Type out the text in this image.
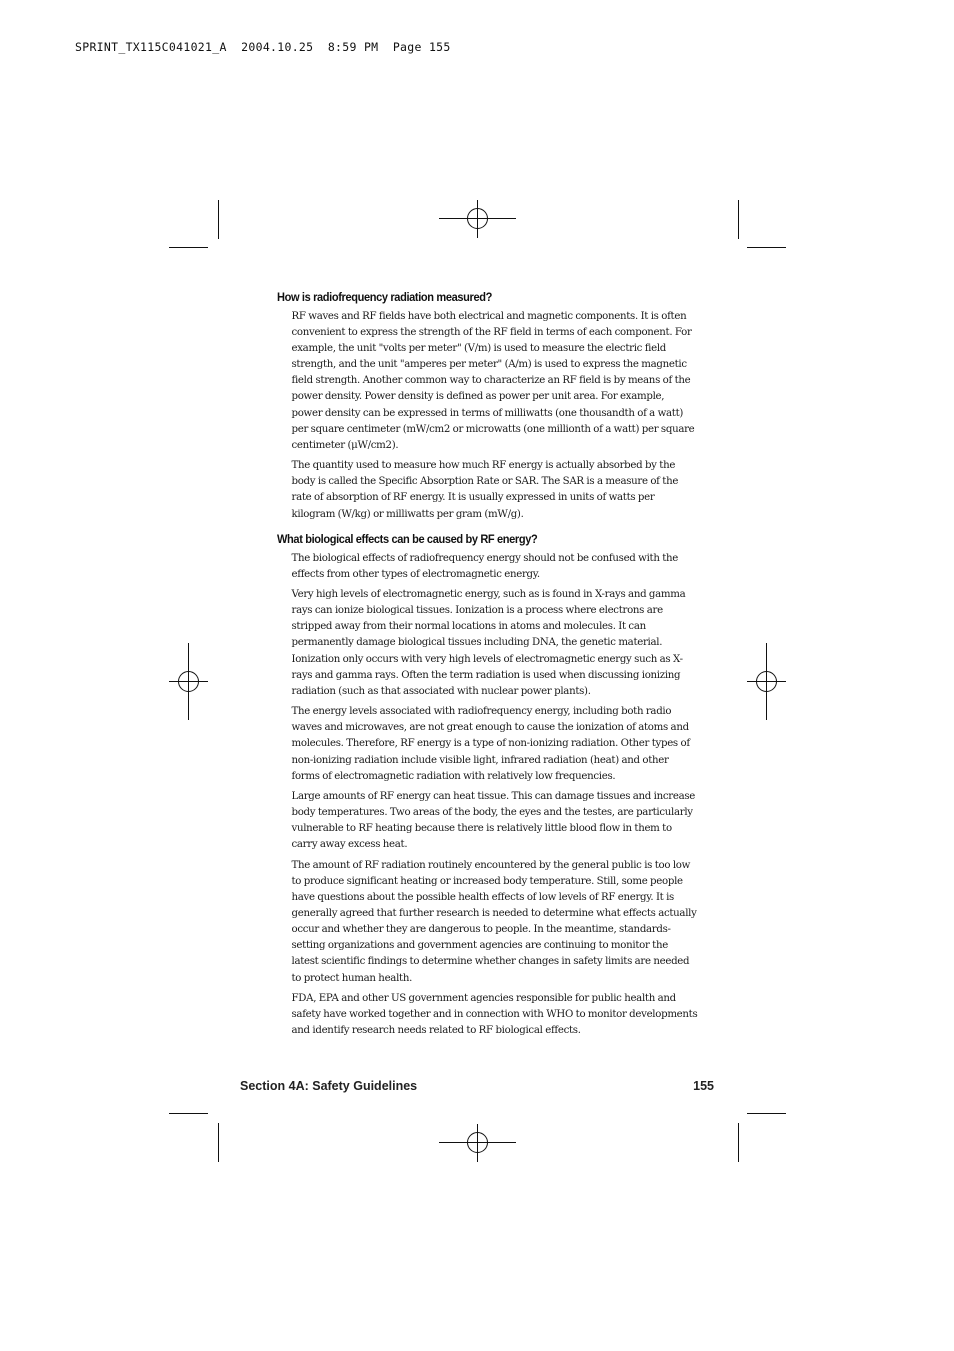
SPRINT_TX115C041021_A  2004.10.25  8:59 PM  Page 155
How is radiofrequency radiation measured?

RF waves and RF fields have both electrical and magnetic components. It is often convenient to express the strength of the RF field in terms of each component. For example, the unit "volts per meter" (V/m) is used to measure the electric field strength, and the unit "amperes per meter" (A/m) is used to express the magnetic field strength. Another common way to characterize an RF field is by means of the power density. Power density is defined as power per unit area. For example, power density can be expressed in terms of milliwatts (one thousandth of a watt) per square centimeter (mW/cm2 or microwatts (one millionth of a watt) per square centimeter (μW/cm2).

The quantity used to measure how much RF energy is actually absorbed by the body is called the Specific Absorption Rate or SAR. The SAR is a measure of the rate of absorption of RF energy. It is usually expressed in units of watts per kilogram (W/kg) or milliwatts per gram (mW/g).

What biological effects can be caused by RF energy?

The biological effects of radiofrequency energy should not be confused with the effects from other types of electromagnetic energy.

Very high levels of electromagnetic energy, such as is found in X-rays and gamma rays can ionize biological tissues. Ionization is a process where electrons are stripped away from their normal locations in atoms and molecules. It can permanently damage biological tissues including DNA, the genetic material. Ionization only occurs with very high levels of electromagnetic energy such as X-rays and gamma rays. Often the term radiation is used when discussing ionizing radiation (such as that associated with nuclear power plants).

The energy levels associated with radiofrequency energy, including both radio waves and microwaves, are not great enough to cause the ionization of atoms and molecules. Therefore, RF energy is a type of non-ionizing radiation. Other types of non-ionizing radiation include visible light, infrared radiation (heat) and other forms of electromagnetic radiation with relatively low frequencies.

Large amounts of RF energy can heat tissue. This can damage tissues and increase body temperatures. Two areas of the body, the eyes and the testes, are particularly vulnerable to RF heating because there is relatively little blood flow in them to carry away excess heat.

The amount of RF radiation routinely encountered by the general public is too low to produce significant heating or increased body temperature. Still, some people have questions about the possible health effects of low levels of RF energy. It is generally agreed that further research is needed to determine what effects actually occur and whether they are dangerous to people. In the meantime, standards-setting organizations and government agencies are continuing to monitor the latest scientific findings to determine whether changes in safety limits are needed to protect human health.

FDA, EPA and other US government agencies responsible for public health and safety have worked together and in connection with WHO to monitor developments and identify research needs related to RF biological effects.

Section 4A: Safety Guidelines	155
